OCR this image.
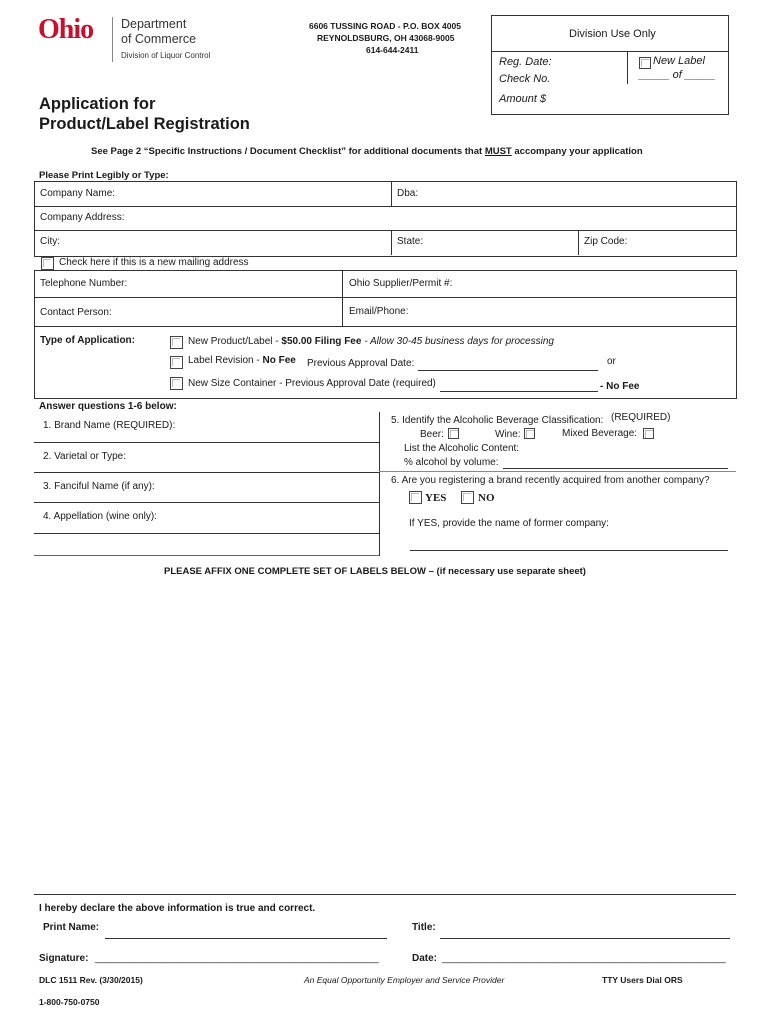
Ohio Department
of Commerce
Division of Liquor Control
6606 TUSSING ROAD - P.O. BOX 4005
REYNOLDSBURG, OH 43068-9005
614-644-2411
Division Use Only
Reg. Date:
Check No.
Amount $
New Label
_____ of _____
Application for
Product/Label Registration
See Page 2 “Specific Instructions / Document Checklist” for additional documents that MUST accompany your application
Please Print Legibly or Type:
Company Name:	Dba:
Company Address:
City:	State:	Zip Code:
Check here if this is a new mailing address
Telephone Number:	Ohio Supplier/Permit #:
Contact Person:	Email/Phone:
Type of Application:	New Product/Label - $50.00 Filing Fee - Allow 30-45 business days for processing
Label Revision - No Fee Previous Approval Date:	or
New Size Container - Previous Approval Date (required)	- No Fee
Answer questions 1-6 below:
1. Brand Name (REQUIRED):
2. Varietal or Type:
3. Fanciful Name (if any):
4. Appellation (wine only):
5. Identify the Alcoholic Beverage Classification: (REQUIRED)
Beer:	Wine:	Mixed Beverage:
List the Alcoholic Content:
% alcohol by volume:
6. Are you registering a brand recently acquired from another company?
YES	NO
If YES, provide the name of former company:
PLEASE AFFIX ONE COMPLETE SET OF LABELS BELOW – (if necessary use separate sheet)
I hereby declare the above information is true and correct.
Print Name:	Title:
Signature: ___________________________________________________	Date: ___________________________________________________
DLC 1511 Rev. (3/30/2015)	An Equal Opportunity Employer and Service Provider	TTY Users Dial ORS
1-800-750-0750
